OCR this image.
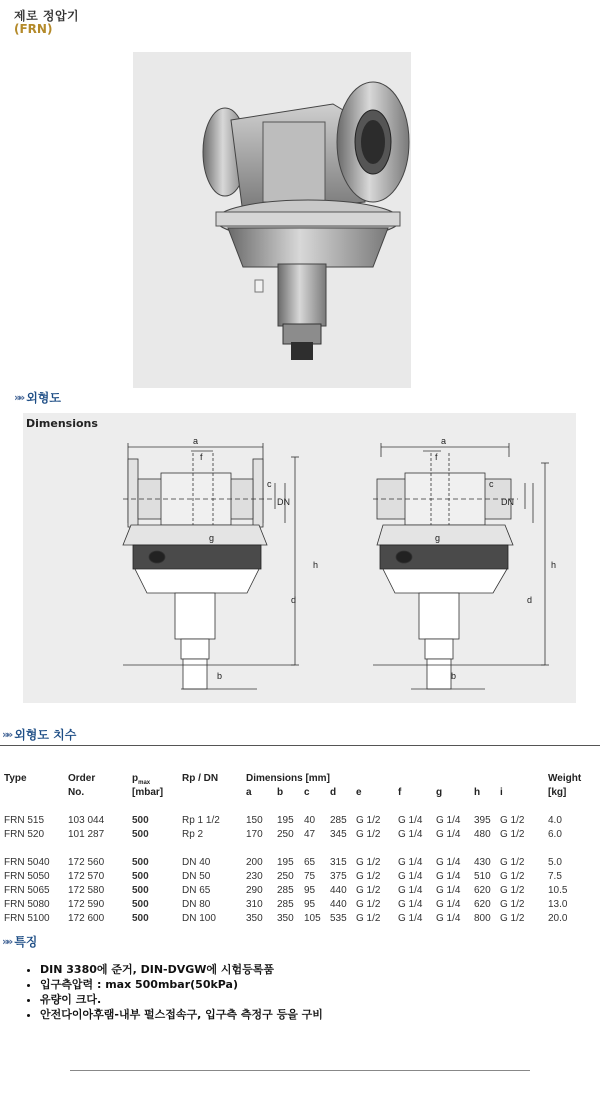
제로 정압기
(FRN)
»» 외형도
a
f
c
DN
g
h
d
b
a
f
c
DN
g
h
d
b
Dimensions
»» 외형도 치수
Type	Order	$p_{max}$	Rp / DN	Dimensions [mm]									Weight
	No.	[mbar]		a	b	c	d	e	f	g	h	i	[kg]

FRN 515	103 044	500	Rp 1 1/2	150	195	40	285	G 1/2	G 1/4	G 1/4	395	G 1/2	4.0
FRN 520	101 287	500	Rp 2	170	250	47	345	G 1/2	G 1/4	G 1/4	480	G 1/2	6.0

FRN 5040	172 560	500	DN 40	200	195	65	315	G 1/2	G 1/4	G 1/4	430	G 1/2	5.0
FRN 5050	172 570	500	DN 50	230	250	75	375	G 1/2	G 1/4	G 1/4	510	G 1/2	7.5
FRN 5065	172 580	500	DN 65	290	285	95	440	G 1/2	G 1/4	G 1/4	620	G 1/2	10.5
FRN 5080	172 590	500	DN 80	310	285	95	440	G 1/2	G 1/4	G 1/4	620	G 1/2	13.0
FRN 5100	172 600	500	DN 100	350	350	105	535	G 1/2	G 1/4	G 1/4	800	G 1/2	20.0
»» 특징
• DIN 3380에 준거, DIN-DVGW에 시험등록품
• 입구측압력 : max 500mbar(50kPa)
• 유량이 크다.
• 안전다이아후램-내부 펄스접속구, 입구측 측정구 등을 구비
